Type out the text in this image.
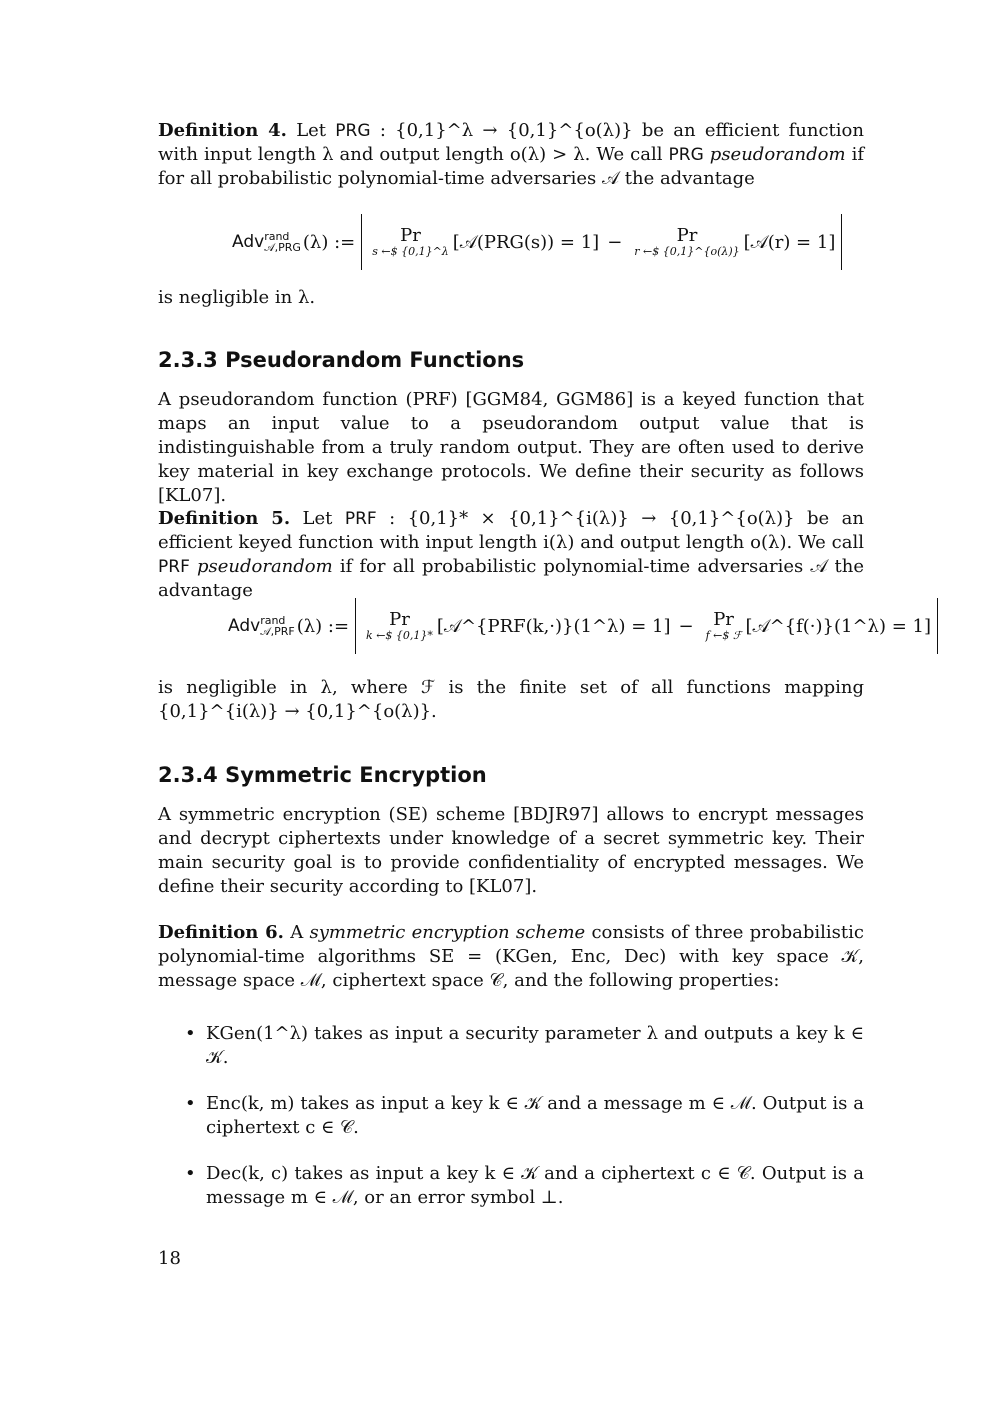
Definition 4. Let PRG : {0,1}^λ → {0,1}^{o(λ)} be an efficient function with input length λ and output length o(λ) > λ. We call PRG pseudorandom if for all probabilistic polynomial-time adversaries 𝒜 the advantage

Adv rand
𝒜,PRG (λ) := Pr
s ←$ {0,1}^λ [𝒜(PRG(s)) = 1] −	Pr
r ←$ {0,1}^{o(λ)} [𝒜(r) = 1]

is negligible in λ.

2.3.3 Pseudorandom Functions

A pseudorandom function (PRF) [GGM84, GGM86] is a keyed function that maps an input value to a pseudorandom output value that is indistinguishable from a truly random output. They are often used to derive key material in key exchange protocols. We define their security as follows [KL07].

Definition 5. Let PRF : {0,1}* × {0,1}^{i(λ)} → {0,1}^{o(λ)} be an efficient keyed function with input length i(λ) and output length o(λ). We call PRF pseudorandom if for all probabilistic polynomial-time adversaries 𝒜 the advantage

Adv rand
𝒜,PRF (λ) := Pr
k ←$ {0,1}* [𝒜^{PRF(k,·)}(1^λ) = 1] − Pr
f ←$ ℱ [𝒜^{f(·)}(1^λ) = 1]

is negligible in λ, where ℱ is the finite set of all functions mapping {0,1}^{i(λ)} → {0,1}^{o(λ)}.

2.3.4 Symmetric Encryption

A symmetric encryption (SE) scheme [BDJR97] allows to encrypt messages and decrypt ciphertexts under knowledge of a secret symmetric key. Their main security goal is to provide confidentiality of encrypted messages. We define their security according to [KL07].

Definition 6. A symmetric encryption scheme consists of three probabilistic polynomial-time algorithms SE = (KGen, Enc, Dec) with key space 𝒦, message space ℳ, ciphertext space 𝒞, and the following properties:

• KGen(1^λ) takes as input a security parameter λ and outputs a key k ∈ 𝒦.
• Enc(k, m) takes as input a key k ∈ 𝒦 and a message m ∈ ℳ. Output is a ciphertext c ∈ 𝒞.
• Dec(k, c) takes as input a key k ∈ 𝒦 and a ciphertext c ∈ 𝒞. Output is a message m ∈ ℳ, or an error symbol ⊥.
18
